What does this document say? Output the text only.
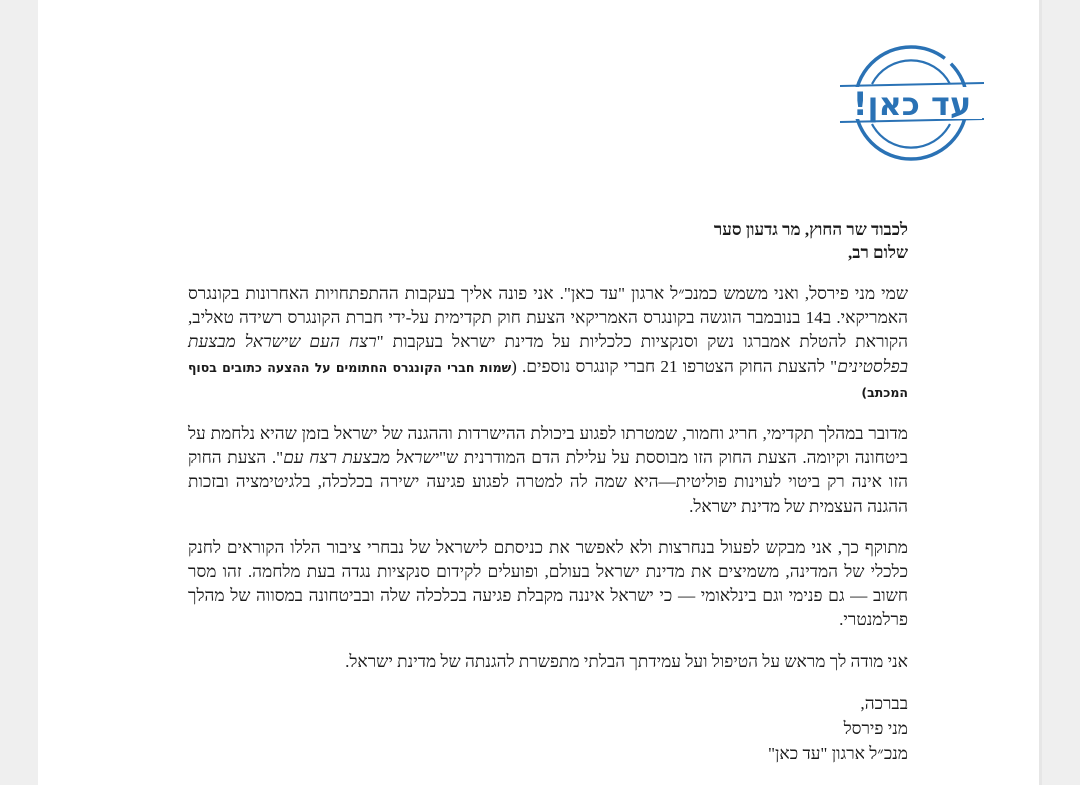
עד כאן!

לכבוד שר החוץ, מר גדעון סער

שלום רב,

שמי מני פירסל, ואני משמש כמנכ״ל ארגון "עד כאן". אני פונה אליך בעקבות ההתפתחויות האחרונות בקונגרס האמריקאי. ב14 בנובמבר הוגשה בקונגרס האמריקאי הצעת חוק תקדימית על-ידי חברת הקונגרס רשידה טאליב, הקוראת להטלת אמברגו נשק וסנקציות כלכליות על מדינת ישראל בעקבות "רצח העם שישראל מבצעת בפלסטינים" להצעת החוק הצטרפו 21 חברי קונגרס נוספים. (שמות חברי הקונגרס החתומים על ההצעה כתובים בסוף המכתב)

מדובר במהלך תקדימי, חריג וחמור, שמטרתו לפגוע ביכולת ההישרדות וההגנה של ישראל בזמן שהיא נלחמת על ביטחונה וקיומה. הצעת החוק הזו מבוססת על עלילת הדם המודרנית ש"ישראל מבצעת רצח עם". הצעת החוק הזו אינה רק ביטוי לעוינות פוליטית—היא שמה לה למטרה לפגוע פגיעה ישירה בכלכלה, בלגיטימציה ובזכות ההגנה העצמית של מדינת ישראל.

מתוקף כך, אני מבקש לפעול בנחרצות ולא לאפשר את כניסתם לישראל של נבחרי ציבור הללו הקוראים לחנק כלכלי של המדינה, משמיצים את מדינת ישראל בעולם, ופועלים לקידום סנקציות נגדה בעת מלחמה. זהו מסר חשוב — גם פנימי וגם בינלאומי — כי ישראל איננה מקבלת פגיעה בכלכלה שלה ובביטחונה במסווה של מהלך פרלמנטרי.

אני מודה לך מראש על הטיפול ועל עמידתך הבלתי מתפשרת להגנתה של מדינת ישראל.

בברכה,

מני פירסל

מנכ״ל ארגון "עד כאן"
